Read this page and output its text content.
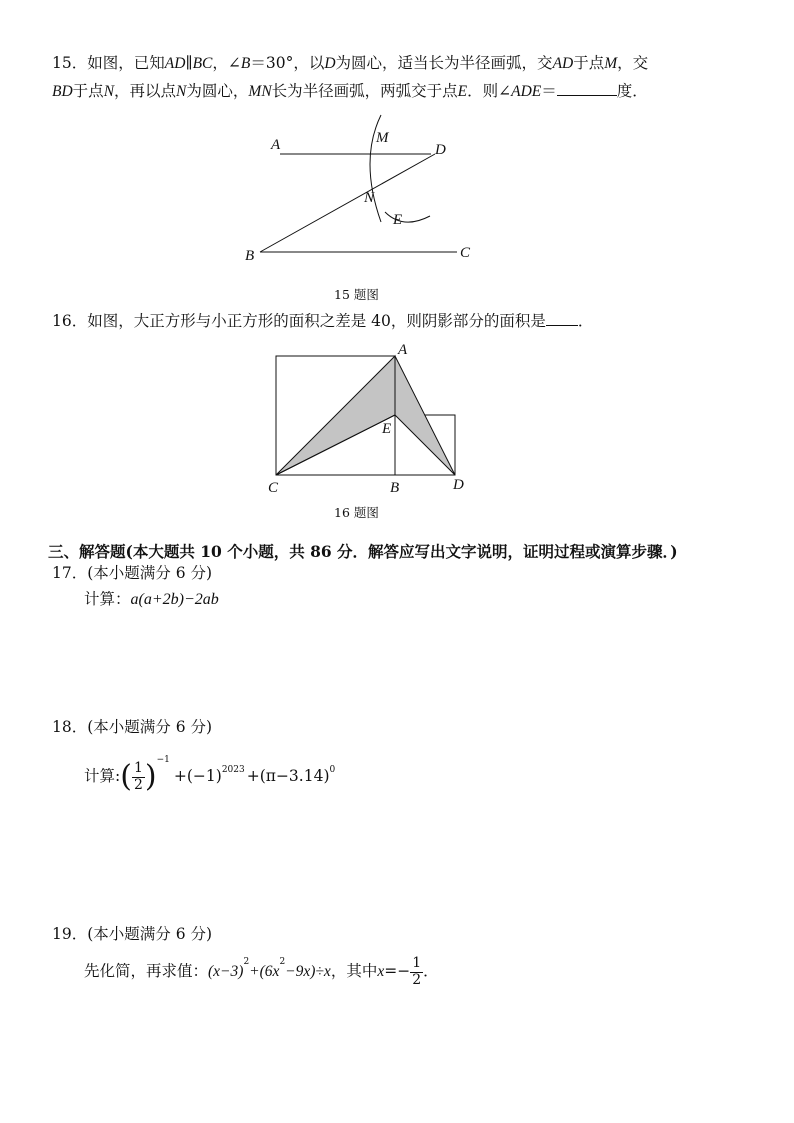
15．如图，已知AD∥BC，∠B＝30°，以D为圆心，适当长为半径画弧，交AD于点M，交
BD于点N，再以点N为圆心，MN长为半径画弧，两弧交于点E．则∠ADE＝	度．
A	D
M
N
E
B	C
15 题图
16．如图，大正方形与小正方形的面积之差是 40，则阴影部分的面积是 ．
A
E
C	B	D
16 题图
三、解答题(本大题共 10 个小题，共 86 分．解答应写出文字说明，证明过程或演算步骤．)
17．(本小题满分 6 分)
计算：a(a+2b)−2ab
18．(本小题满分 6 分)
计算: ( $\frac{1}{2} )^{-1}$
$+(-1)^{2023} +(\pi-3.14)^0$
19．(本小题满分 6 分)
先化简，再求值： (x−3)
$^2$
+(6x
$^2$
−9x)÷x ，其中 $x =- \frac{1}{2}$ ．
